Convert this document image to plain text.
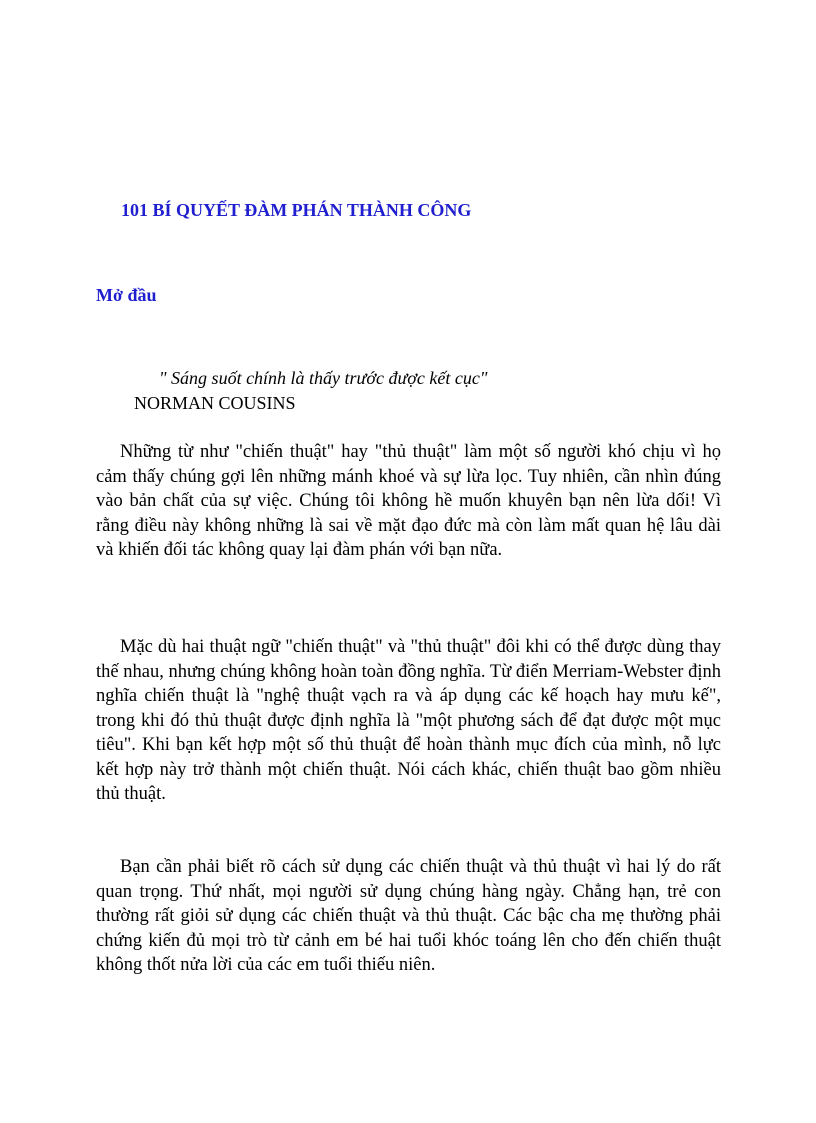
101 BÍ QUYẾT ĐÀM PHÁN THÀNH CÔNG
Mở đầu
" Sáng suốt chính là thấy trước được kết cục"
NORMAN COUSINS

Những từ như "chiến thuật" hay "thủ thuật" làm một số người khó chịu vì họ cảm thấy chúng gợi lên những mánh khoé và sự lừa lọc. Tuy nhiên, cần nhìn đúng vào bản chất của sự việc. Chúng tôi không hề muốn khuyên bạn nên lừa dối! Vì rằng điều này không những là sai về mặt đạo đức mà còn làm mất quan hệ lâu dài và khiến đối tác không quay lại đàm phán với bạn nữa.

Mặc dù hai thuật ngữ "chiến thuật" và "thủ thuật" đôi khi có thể được dùng thay thế nhau, nhưng chúng không hoàn toàn đồng nghĩa. Từ điển Merriam-Webster định nghĩa chiến thuật là "nghệ thuật vạch ra và áp dụng các kế hoạch hay mưu kế", trong khi đó thủ thuật được định nghĩa là "một phương sách để đạt được một mục tiêu". Khi bạn kết hợp một số thủ thuật để hoàn thành mục đích của mình, nỗ lực kết hợp này trở thành một chiến thuật. Nói cách khác, chiến thuật bao gồm nhiều thủ thuật.

Bạn cần phải biết rõ cách sử dụng các chiến thuật và thủ thuật vì hai lý do rất quan trọng. Thứ nhất, mọi người sử dụng chúng hàng ngày. Chẳng hạn, trẻ con thường rất giỏi sử dụng các chiến thuật và thủ thuật. Các bậc cha mẹ thường phải chứng kiến đủ mọi trò từ cảnh em bé hai tuổi khóc toáng lên cho đến chiến thuật không thốt nửa lời của các em tuổi thiếu niên.
